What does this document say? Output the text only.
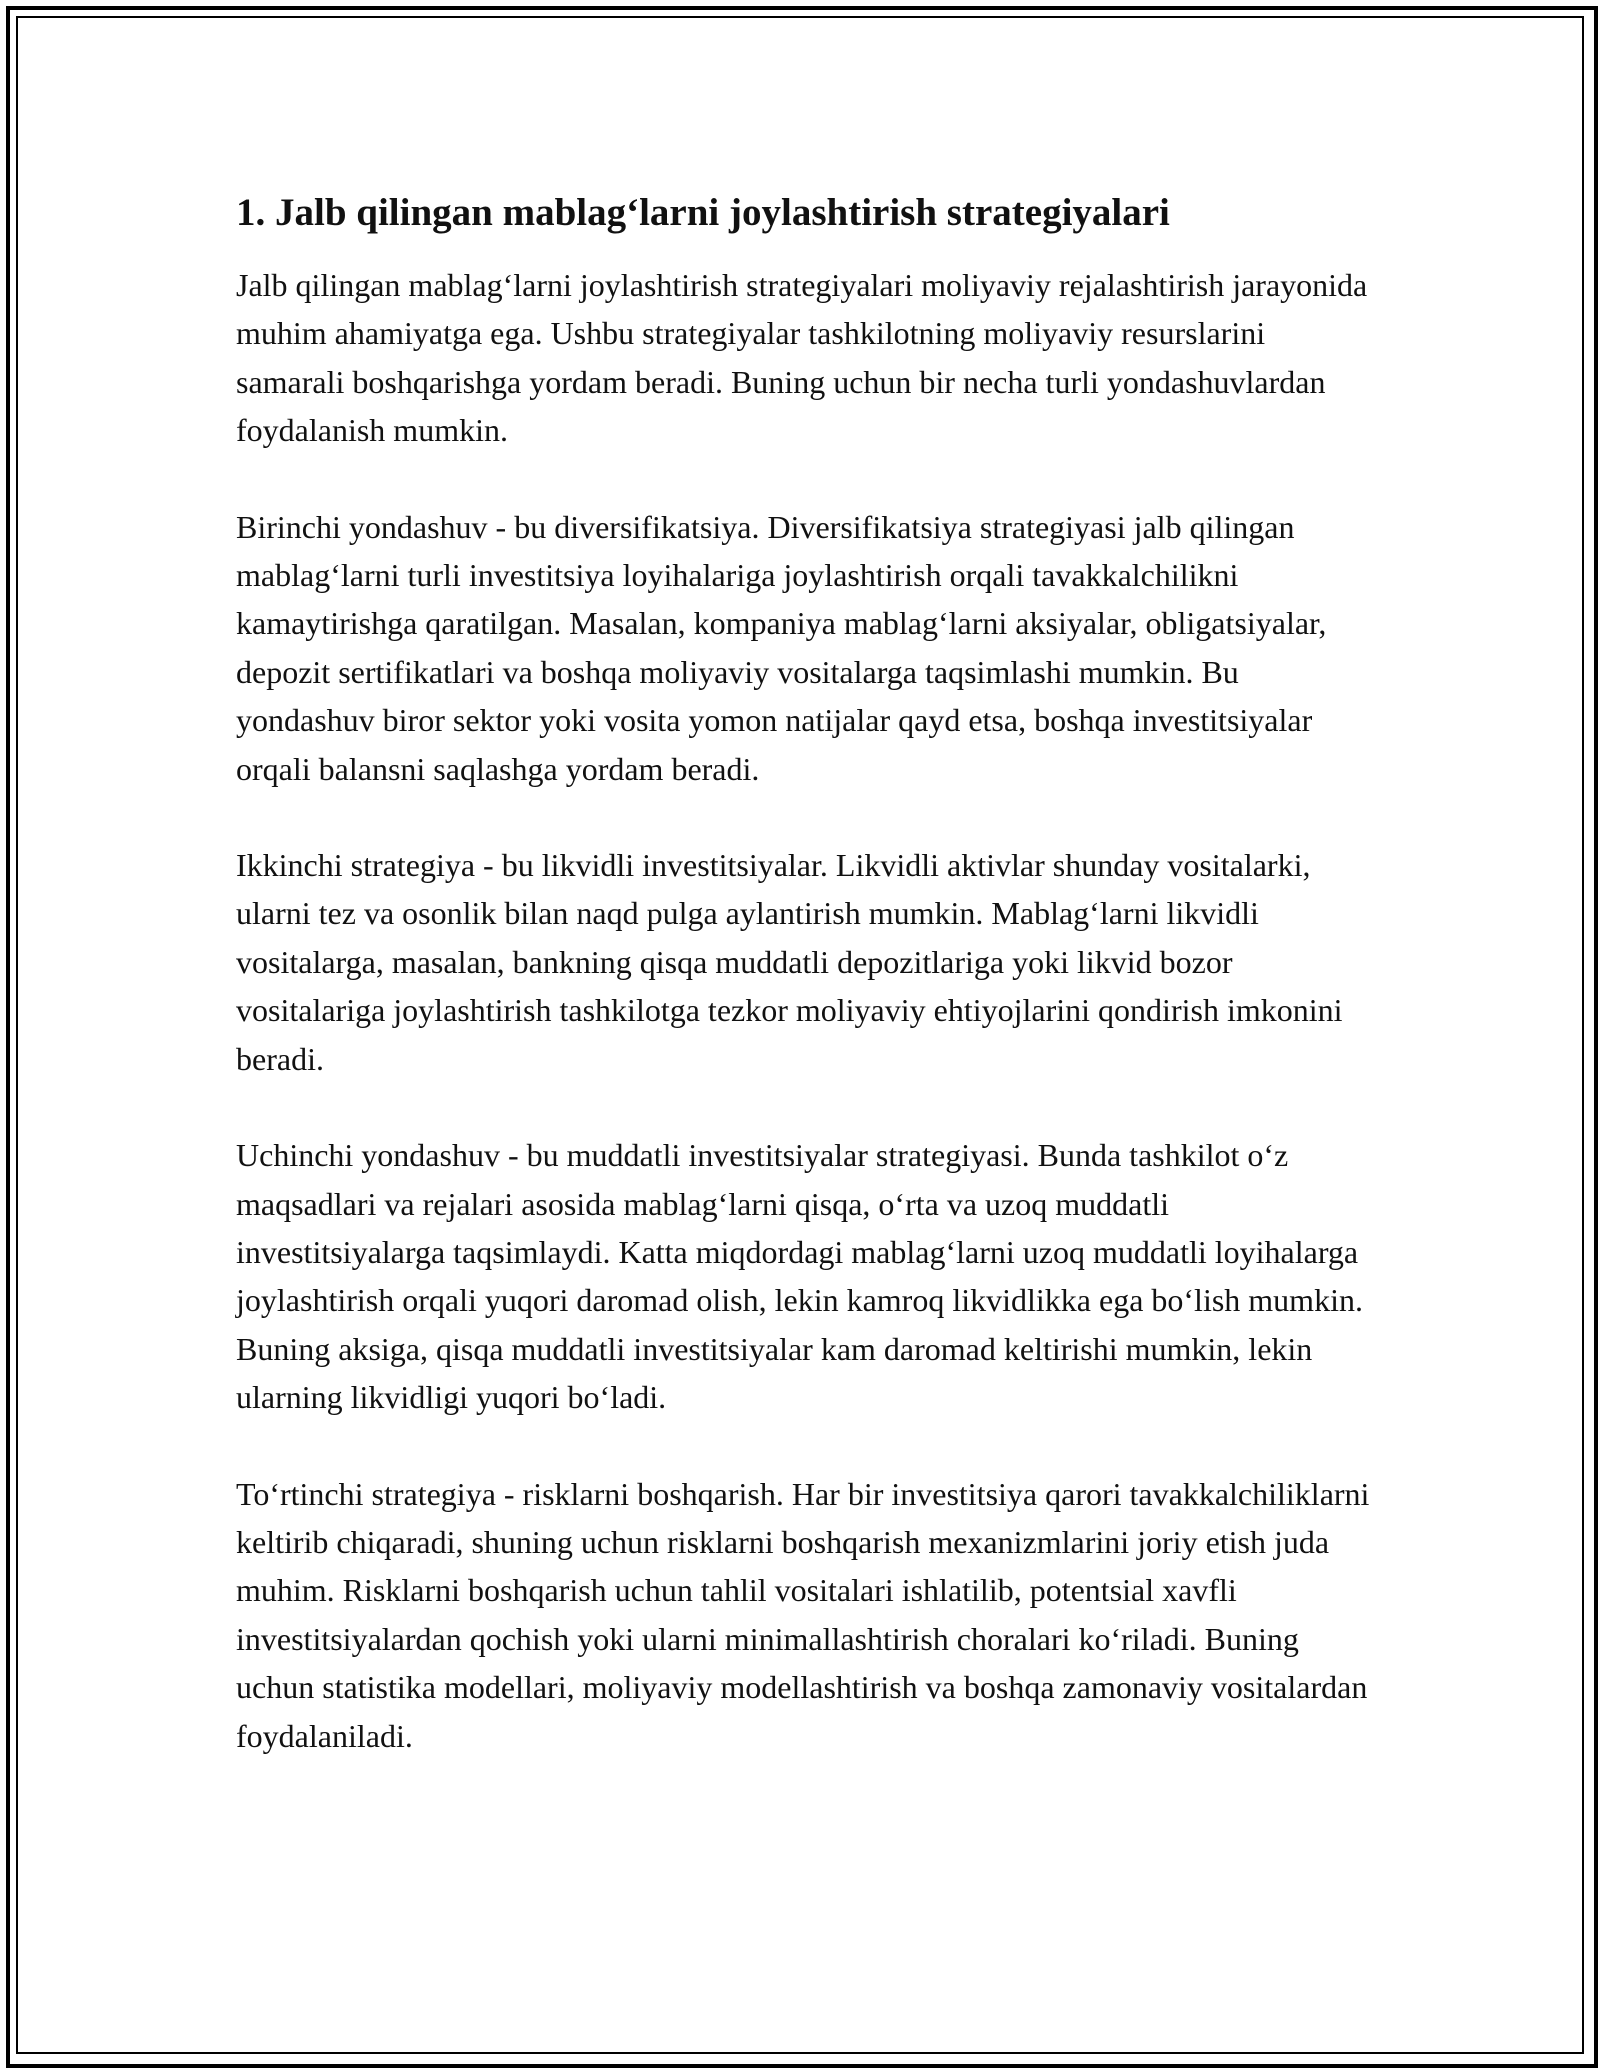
1. Jalb qilingan mablag‘larni joylashtirish strategiyalari

Jalb qilingan mablag‘larni joylashtirish strategiyalari moliyaviy rejalashtirish jarayonida muhim ahamiyatga ega. Ushbu strategiyalar tashkilotning moliyaviy resurslarini samarali boshqarishga yordam beradi. Buning uchun bir necha turli yondashuvlardan foydalanish mumkin.

Birinchi yondashuv - bu diversifikatsiya. Diversifikatsiya strategiyasi jalb qilingan mablag‘larni turli investitsiya loyihalariga joylashtirish orqali tavakkalchilikni kamaytirishga qaratilgan. Masalan, kompaniya mablag‘larni aksiyalar, obligatsiyalar, depozit sertifikatlari va boshqa moliyaviy vositalarga taqsimlashi mumkin. Bu yondashuv biror sektor yoki vosita yomon natijalar qayd etsa, boshqa investitsiyalar orqali balansni saqlashga yordam beradi.

Ikkinchi strategiya - bu likvidli investitsiyalar. Likvidli aktivlar shunday vositalarki, ularni tez va osonlik bilan naqd pulga aylantirish mumkin. Mablag‘larni likvidli vositalarga, masalan, bankning qisqa muddatli depozitlariga yoki likvid bozor vositalariga joylashtirish tashkilotga tezkor moliyaviy ehtiyojlarini qondirish imkonini beradi.

Uchinchi yondashuv - bu muddatli investitsiyalar strategiyasi. Bunda tashkilot o‘z maqsadlari va rejalari asosida mablag‘larni qisqa, o‘rta va uzoq muddatli investitsiyalarga taqsimlaydi. Katta miqdordagi mablag‘larni uzoq muddatli loyihalarga joylashtirish orqali yuqori daromad olish, lekin kamroq likvidlikka ega bo‘lish mumkin. Buning aksiga, qisqa muddatli investitsiyalar kam daromad keltirishi mumkin, lekin ularning likvidligi yuqori bo‘ladi.

To‘rtinchi strategiya - risklarni boshqarish. Har bir investitsiya qarori tavakkalchiliklarni keltirib chiqaradi, shuning uchun risklarni boshqarish mexanizmlarini joriy etish juda muhim. Risklarni boshqarish uchun tahlil vositalari ishlatilib, potentsial xavfli investitsiyalardan qochish yoki ularni minimallashtirish choralari ko‘riladi. Buning uchun statistika modellari, moliyaviy modellashtirish va boshqa zamonaviy vositalardan foydalaniladi.
